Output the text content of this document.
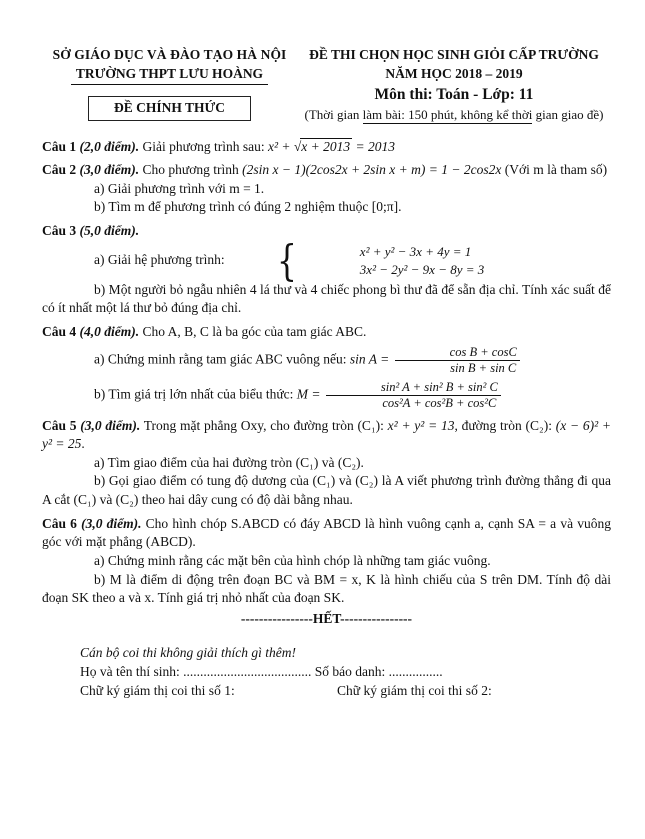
SỞ GIÁO DỤC VÀ ĐÀO TẠO HÀ NỘI
TRƯỜNG THPT LƯU HOÀNG
ĐỀ CHÍNH THỨC
ĐỀ THI CHỌN HỌC SINH GIỎI CẤP TRƯỜNG
NĂM HỌC 2018 – 2019
Môn thi: Toán - Lớp: 11
(Thời gian làm bài: 150 phút, không kể thời gian giao đề)

Câu 1 (2,0 điểm). Giải phương trình sau: x² + √x + 2013 = 2013

Câu 2 (3,0 điểm). Cho phương trình (2sin x − 1)(2cos2x + 2sin x + m) = 1 − 2cos2x (Với m là tham số)

a) Giải phương trình với m = 1.

b) Tìm m để phương trình có đúng 2 nghiệm thuộc [0;π].

Câu 3 (5,0 điểm).

a) Giải hệ phương trình:	{	x² + y² − 3x + 4y = 1
3x² − 2y² − 9x − 8y = 3

b) Một người bỏ ngẫu nhiên 4 lá thư và 4 chiếc phong bì thư đã để sẵn địa chỉ. Tính xác suất để có ít nhất một lá thư bỏ đúng địa chỉ.

Câu 4 (4,0 điểm). Cho A, B, C là ba góc của tam giác ABC.

a) Chứng minh rằng tam giác ABC vuông nếu: $\sin A = \frac{\text{cos B + cosC}}{\text{sin B + sin C}}$

b) Tìm giá trị lớn nhất của biểu thức: $M = \frac{\text{sin² A + sin² B + sin² C}}{\text{cos²A + cos²B + cos²C}}$

Câu 5 (3,0 điểm). Trong mặt phẳng Oxy, cho đường tròn (C₁): x² + y² = 13, đường tròn (C₂): (x − 6)² + y² = 25.

a) Tìm giao điểm của hai đường tròn (C₁) và (C₂).

b) Gọi giao điểm có tung độ dương của (C₁) và (C₂) là A viết phương trình đường thẳng đi qua A cắt (C₁) và (C₂) theo hai dây cung có độ dài bằng nhau.

Câu 6 (3,0 điểm). Cho hình chóp S.ABCD có đáy ABCD là hình vuông cạnh a, cạnh SA = a và vuông góc với mặt phẳng (ABCD).

a) Chứng minh rằng các mặt bên của hình chóp là những tam giác vuông.

b) M là điểm di động trên đoạn BC và BM = x, K là hình chiếu của S trên DM. Tính độ dài đoạn SK theo a và x. Tính giá trị nhỏ nhất của đoạn SK.

----------------HẾT----------------

Cán bộ coi thi không giải thích gì thêm!

Họ và tên thí sinh: ...................................... Số báo danh: ................

Chữ ký giám thị coi thi số 1:	Chữ ký giám thị coi thi số 2:
